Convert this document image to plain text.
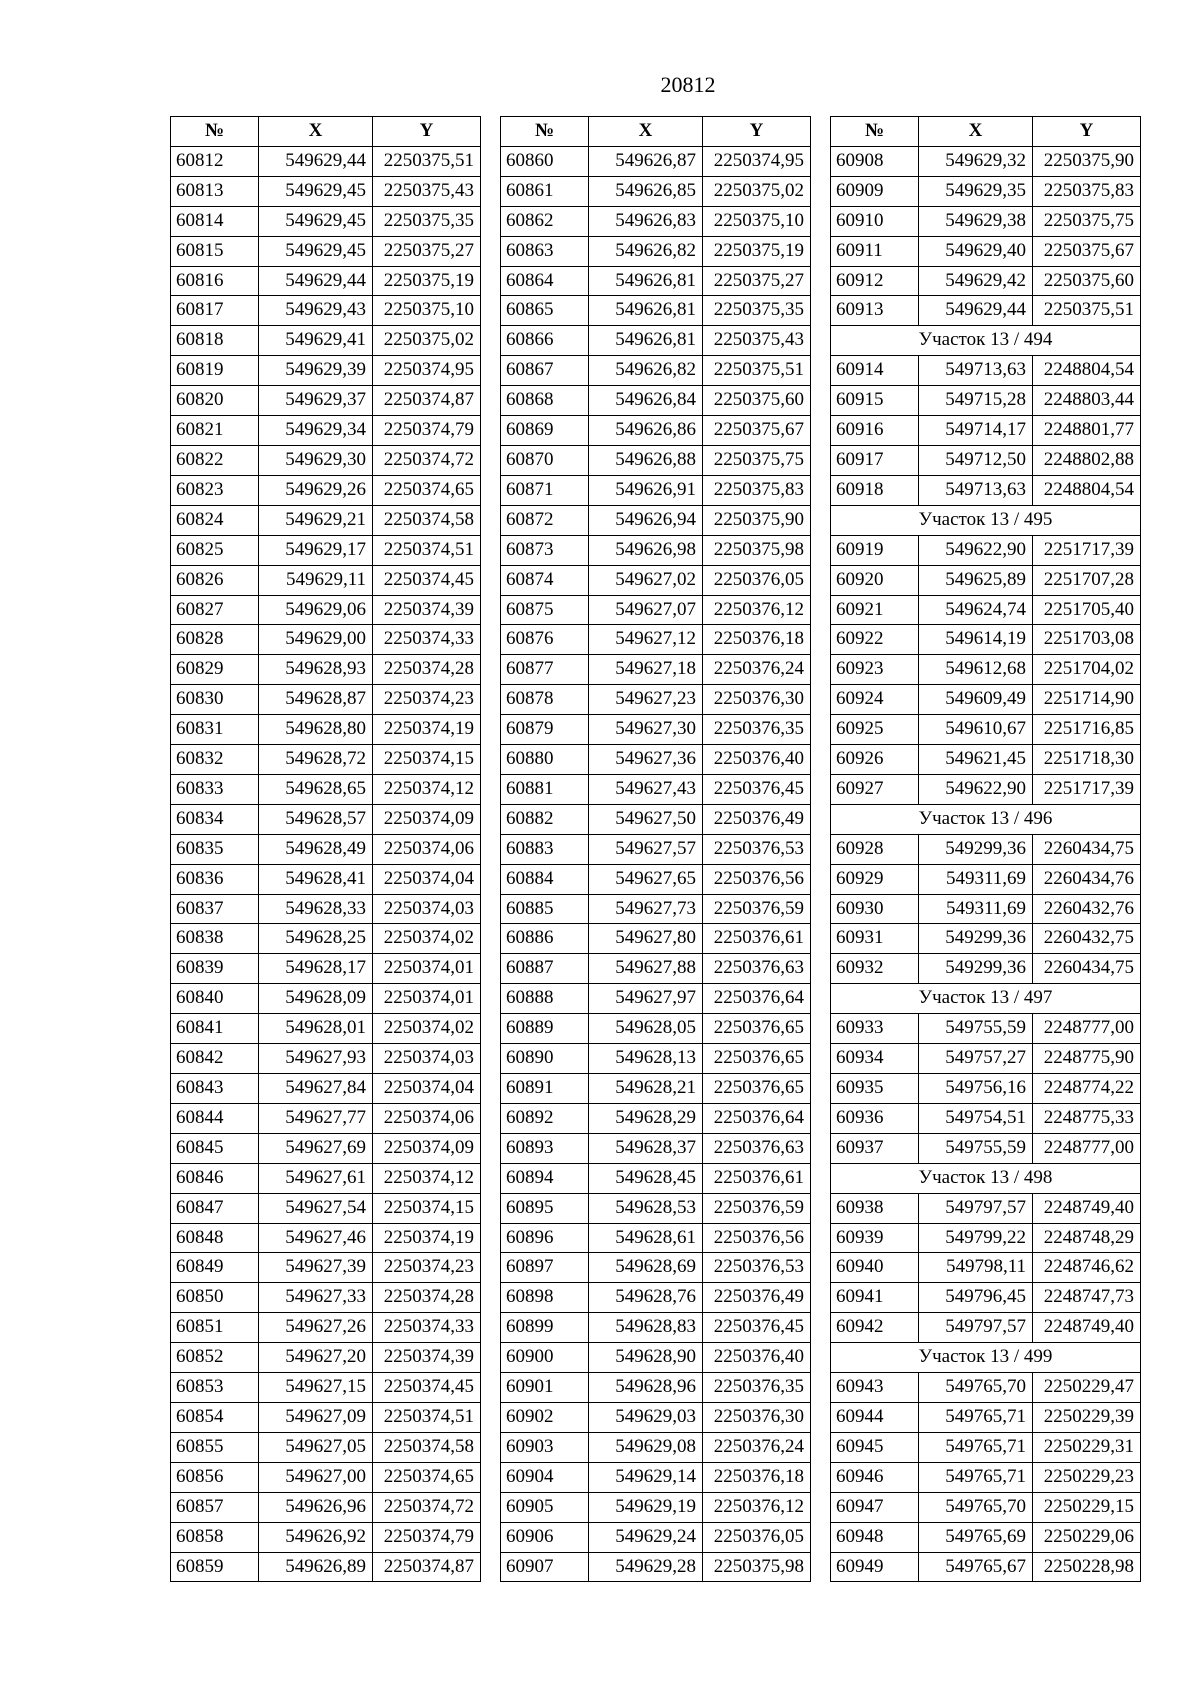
20812
№	X	Y
60812	549629,44	2250375,51
60813	549629,45	2250375,43
60814	549629,45	2250375,35
60815	549629,45	2250375,27
60816	549629,44	2250375,19
60817	549629,43	2250375,10
60818	549629,41	2250375,02
60819	549629,39	2250374,95
60820	549629,37	2250374,87
60821	549629,34	2250374,79
60822	549629,30	2250374,72
60823	549629,26	2250374,65
60824	549629,21	2250374,58
60825	549629,17	2250374,51
60826	549629,11	2250374,45
60827	549629,06	2250374,39
60828	549629,00	2250374,33
60829	549628,93	2250374,28
60830	549628,87	2250374,23
60831	549628,80	2250374,19
60832	549628,72	2250374,15
60833	549628,65	2250374,12
60834	549628,57	2250374,09
60835	549628,49	2250374,06
60836	549628,41	2250374,04
60837	549628,33	2250374,03
60838	549628,25	2250374,02
60839	549628,17	2250374,01
60840	549628,09	2250374,01
60841	549628,01	2250374,02
60842	549627,93	2250374,03
60843	549627,84	2250374,04
60844	549627,77	2250374,06
60845	549627,69	2250374,09
60846	549627,61	2250374,12
60847	549627,54	2250374,15
60848	549627,46	2250374,19
60849	549627,39	2250374,23
60850	549627,33	2250374,28
60851	549627,26	2250374,33
60852	549627,20	2250374,39
60853	549627,15	2250374,45
60854	549627,09	2250374,51
60855	549627,05	2250374,58
60856	549627,00	2250374,65
60857	549626,96	2250374,72
60858	549626,92	2250374,79
60859	549626,89	2250374,87
№	X	Y
60860	549626,87	2250374,95
60861	549626,85	2250375,02
60862	549626,83	2250375,10
60863	549626,82	2250375,19
60864	549626,81	2250375,27
60865	549626,81	2250375,35
60866	549626,81	2250375,43
60867	549626,82	2250375,51
60868	549626,84	2250375,60
60869	549626,86	2250375,67
60870	549626,88	2250375,75
60871	549626,91	2250375,83
60872	549626,94	2250375,90
60873	549626,98	2250375,98
60874	549627,02	2250376,05
60875	549627,07	2250376,12
60876	549627,12	2250376,18
60877	549627,18	2250376,24
60878	549627,23	2250376,30
60879	549627,30	2250376,35
60880	549627,36	2250376,40
60881	549627,43	2250376,45
60882	549627,50	2250376,49
60883	549627,57	2250376,53
60884	549627,65	2250376,56
60885	549627,73	2250376,59
60886	549627,80	2250376,61
60887	549627,88	2250376,63
60888	549627,97	2250376,64
60889	549628,05	2250376,65
60890	549628,13	2250376,65
60891	549628,21	2250376,65
60892	549628,29	2250376,64
60893	549628,37	2250376,63
60894	549628,45	2250376,61
60895	549628,53	2250376,59
60896	549628,61	2250376,56
60897	549628,69	2250376,53
60898	549628,76	2250376,49
60899	549628,83	2250376,45
60900	549628,90	2250376,40
60901	549628,96	2250376,35
60902	549629,03	2250376,30
60903	549629,08	2250376,24
60904	549629,14	2250376,18
60905	549629,19	2250376,12
60906	549629,24	2250376,05
60907	549629,28	2250375,98
№	X	Y
60908	549629,32	2250375,90
60909	549629,35	2250375,83
60910	549629,38	2250375,75
60911	549629,40	2250375,67
60912	549629,42	2250375,60
60913	549629,44	2250375,51
Участок 13 / 494		
60914	549713,63	2248804,54
60915	549715,28	2248803,44
60916	549714,17	2248801,77
60917	549712,50	2248802,88
60918	549713,63	2248804,54
Участок 13 / 495		
60919	549622,90	2251717,39
60920	549625,89	2251707,28
60921	549624,74	2251705,40
60922	549614,19	2251703,08
60923	549612,68	2251704,02
60924	549609,49	2251714,90
60925	549610,67	2251716,85
60926	549621,45	2251718,30
60927	549622,90	2251717,39
Участок 13 / 496		
60928	549299,36	2260434,75
60929	549311,69	2260434,76
60930	549311,69	2260432,76
60931	549299,36	2260432,75
60932	549299,36	2260434,75
Участок 13 / 497		
60933	549755,59	2248777,00
60934	549757,27	2248775,90
60935	549756,16	2248774,22
60936	549754,51	2248775,33
60937	549755,59	2248777,00
Участок 13 / 498		
60938	549797,57	2248749,40
60939	549799,22	2248748,29
60940	549798,11	2248746,62
60941	549796,45	2248747,73
60942	549797,57	2248749,40
Участок 13 / 499		
60943	549765,70	2250229,47
60944	549765,71	2250229,39
60945	549765,71	2250229,31
60946	549765,71	2250229,23
60947	549765,70	2250229,15
60948	549765,69	2250229,06
60949	549765,67	2250228,98
